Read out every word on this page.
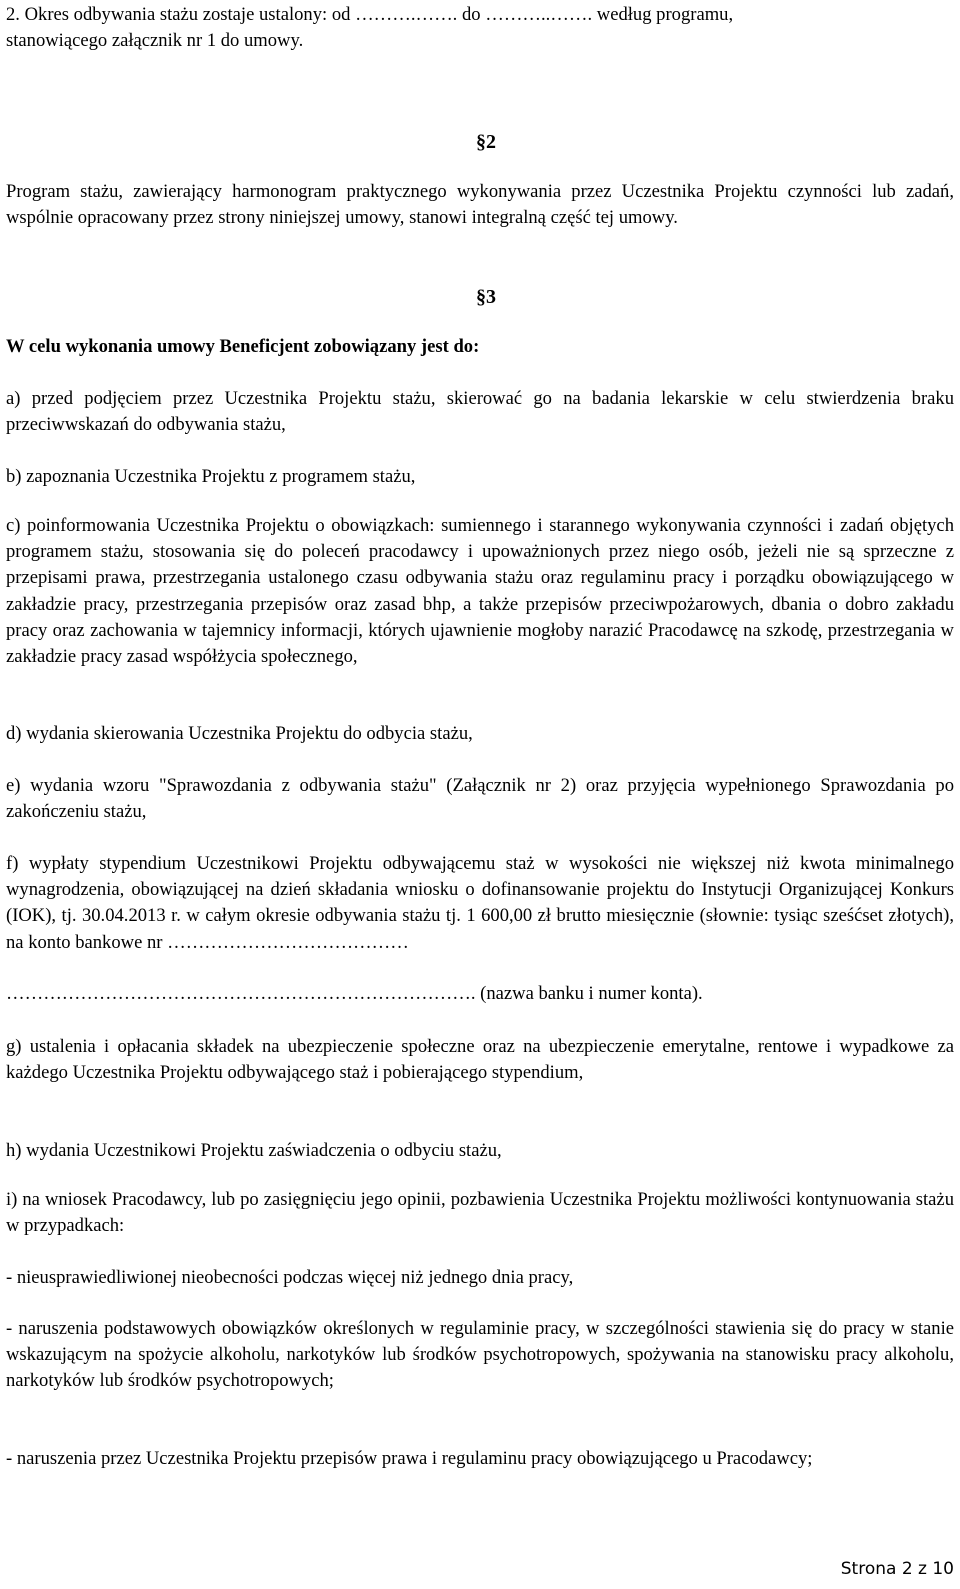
2. Okres odbywania stażu zostaje ustalony: od ……….……. do ………..……. według programu,
stanowiącego załącznik nr 1 do umowy.

§2

Program stażu, zawierający harmonogram praktycznego wykonywania przez Uczestnika Projektu czynności lub zadań, wspólnie opracowany przez strony niniejszej umowy, stanowi integralną część tej umowy.

§3

W celu wykonania umowy Beneficjent zobowiązany jest do:

a) przed podjęciem przez Uczestnika Projektu stażu, skierować go na badania lekarskie w celu stwierdzenia braku przeciwwskazań do odbywania stażu,

b) zapoznania Uczestnika Projektu z programem stażu,

c) poinformowania Uczestnika Projektu o obowiązkach: sumiennego i starannego wykonywania czynności i zadań objętych programem stażu, stosowania się do poleceń pracodawcy i upoważnionych przez niego osób, jeżeli nie są sprzeczne z przepisami prawa, przestrzegania ustalonego czasu odbywania stażu oraz regulaminu pracy i porządku obowiązującego w zakładzie pracy, przestrzegania przepisów oraz zasad bhp, a także przepisów przeciwpożarowych, dbania o dobro zakładu pracy oraz zachowania w tajemnicy informacji, których ujawnienie mogłoby narazić Pracodawcę na szkodę, przestrzegania w zakładzie pracy zasad współżycia społecznego,

d) wydania skierowania Uczestnika Projektu do odbycia stażu,

e) wydania wzoru "Sprawozdania z odbywania stażu" (Załącznik nr 2) oraz przyjęcia wypełnionego Sprawozdania po zakończeniu stażu,

f) wypłaty stypendium Uczestnikowi Projektu odbywającemu staż w wysokości nie większej niż kwota minimalnego wynagrodzenia, obowiązującej na dzień składania wniosku o dofinansowanie projektu do Instytucji Organizującej Konkurs (IOK), tj. 30.04.2013 r. w całym okresie odbywania stażu tj. 1 600,00 zł brutto miesięcznie (słownie: tysiąc sześćset złotych), na konto bankowe nr …………………………………

…………………………………………………………………. (nazwa banku i numer konta).

g) ustalenia i opłacania składek na ubezpieczenie społeczne oraz na ubezpieczenie emerytalne, rentowe i wypadkowe za każdego Uczestnika Projektu odbywającego staż i pobierającego stypendium,

h) wydania Uczestnikowi Projektu zaświadczenia o odbyciu stażu,

i) na wniosek Pracodawcy, lub po zasięgnięciu jego opinii, pozbawienia Uczestnika Projektu możliwości kontynuowania stażu w przypadkach:

- nieusprawiedliwionej nieobecności podczas więcej niż jednego dnia pracy,

- naruszenia podstawowych obowiązków określonych w regulaminie pracy, w szczególności stawienia się do pracy w stanie wskazującym na spożycie alkoholu, narkotyków lub środków psychotropowych, spożywania na stanowisku pracy alkoholu, narkotyków lub środków psychotropowych;

- naruszenia przez Uczestnika Projektu przepisów prawa i regulaminu pracy obowiązującego u Pracodawcy;

Strona 2 z 10
